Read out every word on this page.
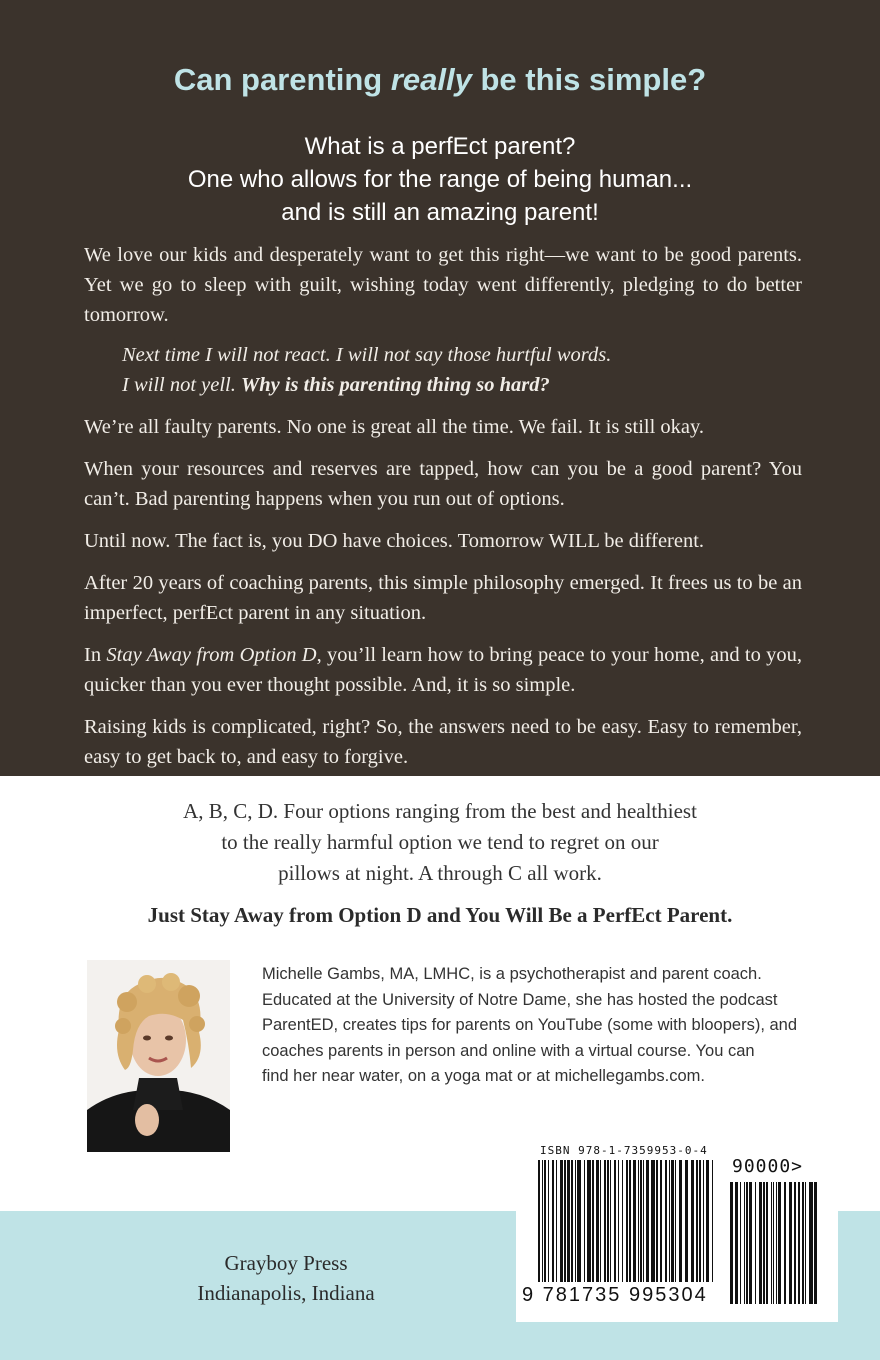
Can parenting really be this simple?
What is a perfEct parent?
One who allows for the range of being human...
and is still an amazing parent!

We love our kids and desperately want to get this right—we want to be good parents. Yet we go to sleep with guilt, wishing today went differently, pledging to do better tomorrow.

Next time I will not react. I will not say those hurtful words.
I will not yell. Why is this parenting thing so hard?

We’re all faulty parents. No one is great all the time. We fail. It is still okay.

When your resources and reserves are tapped, how can you be a good parent? You can’t. Bad parenting happens when you run out of options.

Until now. The fact is, you DO have choices. Tomorrow WILL be different.

After 20 years of coaching parents, this simple philosophy emerged. It frees us to be an imperfect, perfEct parent in any situation.

In Stay Away from Option D, you’ll learn how to bring peace to your home, and to you, quicker than you ever thought possible. And, it is so simple.

Raising kids is complicated, right? So, the answers need to be easy. Easy to remember, easy to get back to, and easy to forgive.

A, B, C, D. Four options ranging from the best and healthiest
to the really harmful option we tend to regret on our
pillows at night. A through C all work.
Just Stay Away from Option D and You Will Be a PerfEct Parent.
Michelle Gambs, MA, LMHC, is a psychotherapist and parent coach.
Educated at the University of Notre Dame, she has hosted the podcast
ParentED, creates tips for parents on YouTube (some with bloopers), and
coaches parents in person and online with a virtual course. You can
find her near water, on a yoga mat or at michellegambs.com.
Grayboy Press
Indianapolis, Indiana
ISBN 978-1-7359953-0-4
90000>
9 781735 995304
